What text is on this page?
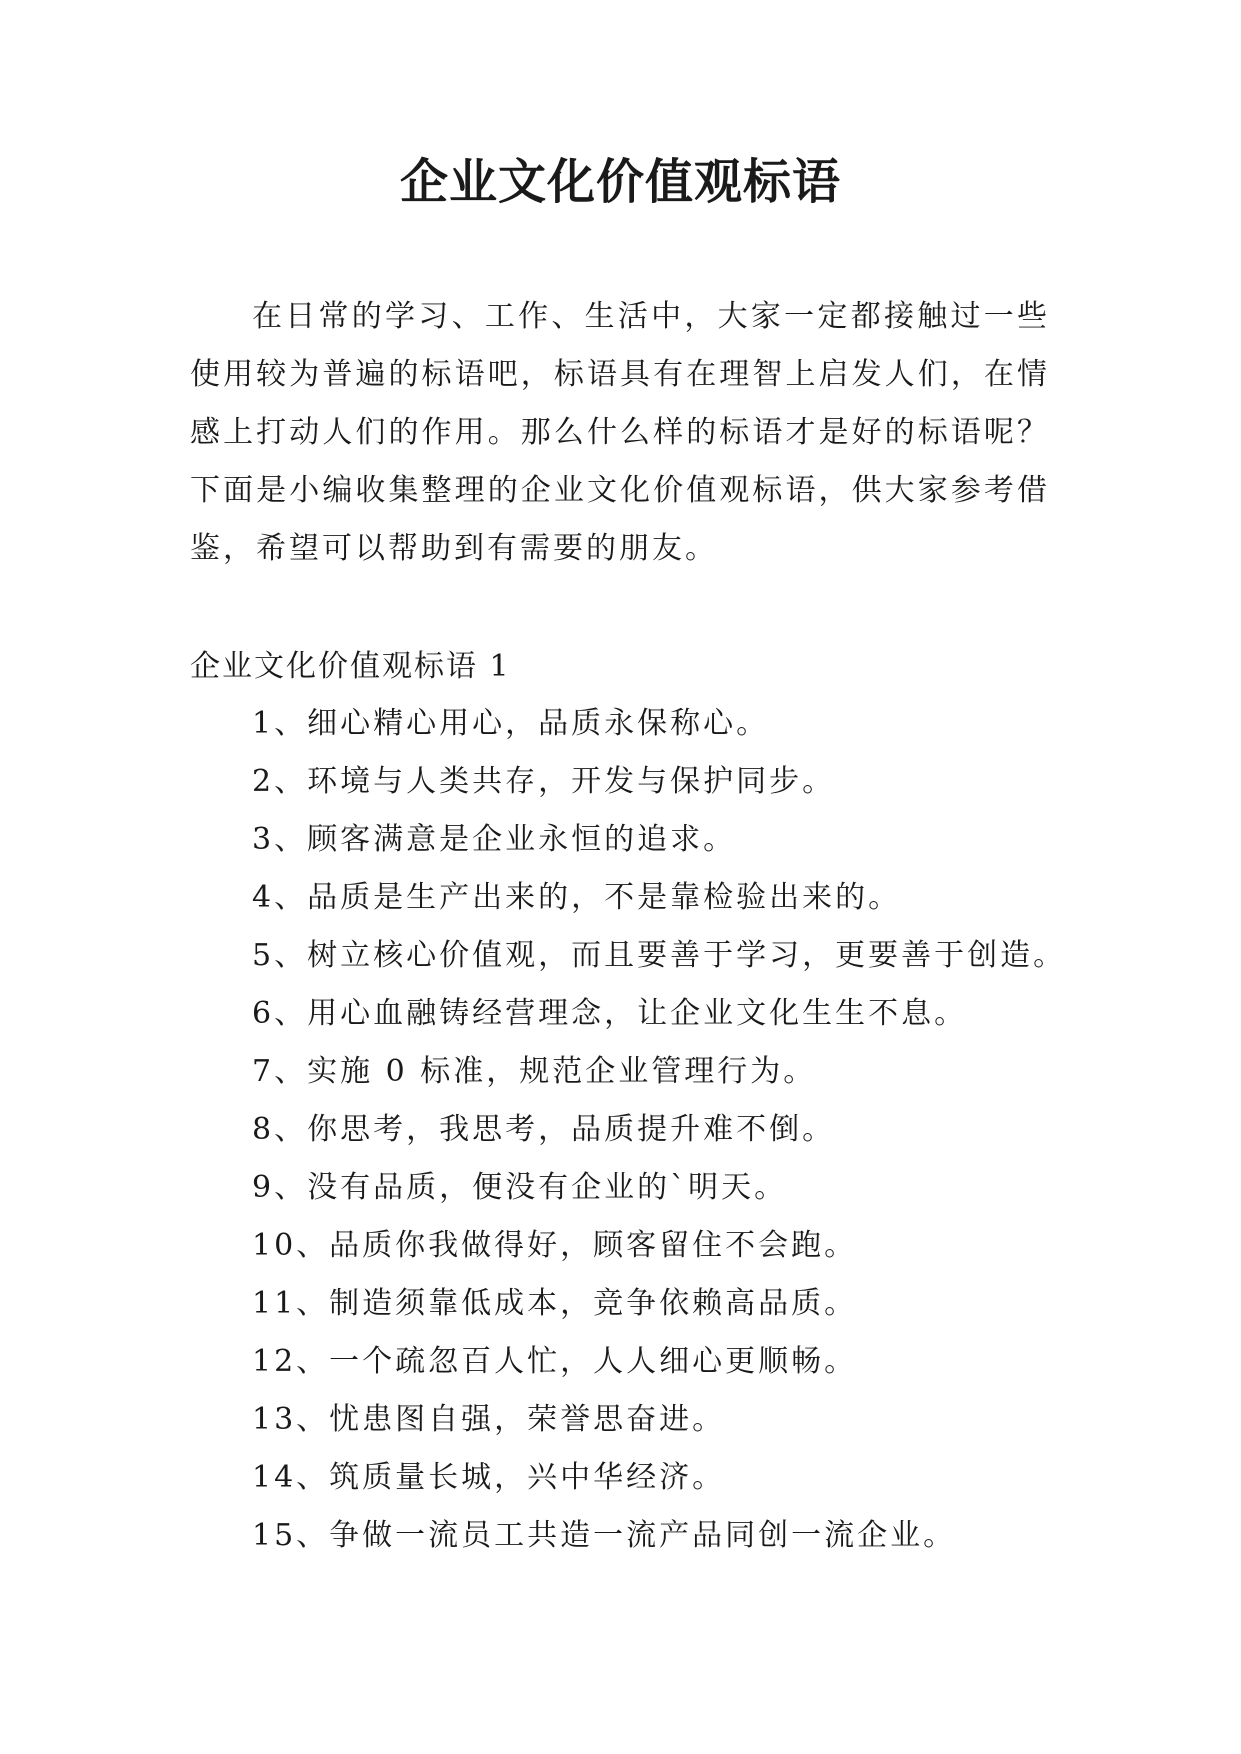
企业文化价值观标语

在日常的学习、工作、生活中，大家一定都接触过一些使用较为普遍的标语吧，标语具有在理智上启发人们，在情感上打动人们的作用。那么什么样的标语才是好的标语呢？下面是小编收集整理的企业文化价值观标语，供大家参考借鉴，希望可以帮助到有需要的朋友。

企业文化价值观标语 1
1、细心精心用心，品质永保称心。
2、环境与人类共存，开发与保护同步。
3、顾客满意是企业永恒的追求。
4、品质是生产出来的，不是靠检验出来的。
5、树立核心价值观，而且要善于学习，更要善于创造。
6、用心血融铸经营理念，让企业文化生生不息。
7、实施 0 标准，规范企业管理行为。
8、你思考，我思考，品质提升难不倒。
9、没有品质，便没有企业的`明天。
10、品质你我做得好，顾客留住不会跑。
11、制造须靠低成本，竞争依赖高品质。
12、一个疏忽百人忙，人人细心更顺畅。
13、忧患图自强，荣誉思奋进。
14、筑质量长城，兴中华经济。
15、争做一流员工共造一流产品同创一流企业。
